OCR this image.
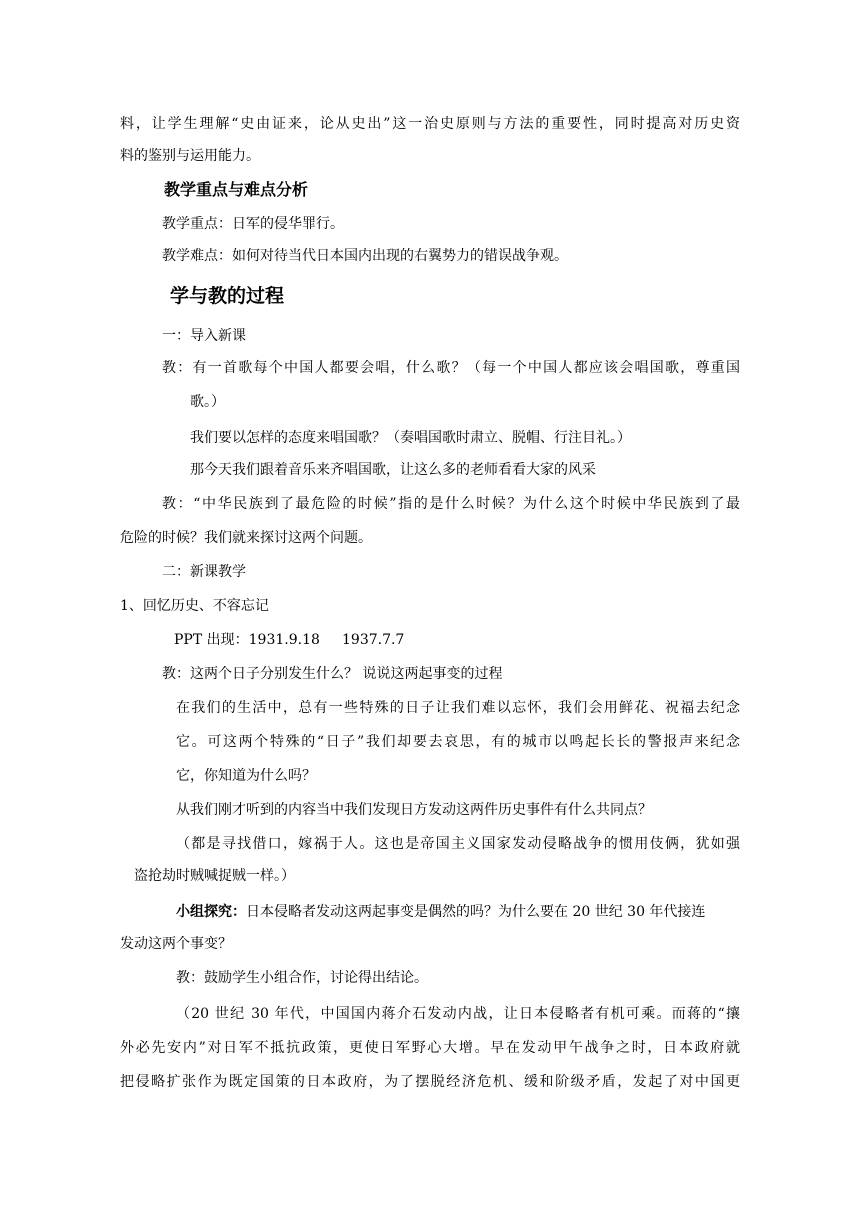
料，让学生理解“史由证来，论从史出”这一治史原则与方法的重要性，同时提高对历史资
料的鉴别与运用能力。
教学重点与难点分析
教学重点：日军的侵华罪行。
教学难点：如何对待当代日本国内出现的右翼势力的错误战争观。
学与教的过程
一：导入新课
教：有一首歌每个中国人都要会唱，什么歌？（每一个中国人都应该会唱国歌，尊重国
歌。）
我们要以怎样的态度来唱国歌？（奏唱国歌时肃立、脱帽、行注目礼。）
那今天我们跟着音乐来齐唱国歌，让这么多的老师看看大家的风采
教：“中华民族到了最危险的时候”指的是什么时候？为什么这个时候中华民族到了最
危险的时候？我们就来探讨这两个问题。
二：新课教学
1、回忆历史、不容忘记
PPT 出现：1931.9.18 1937.7.7
教：这两个日子分别发生什么？ 说说这两起事变的过程
在我们的生活中，总有一些特殊的日子让我们难以忘怀，我们会用鲜花、祝福去纪念
它。可这两个特殊的“日子”我们却要去哀思，有的城市以鸣起长长的警报声来纪念
它，你知道为什么吗？
从我们刚才听到的内容当中我们发现日方发动这两件历史事件有什么共同点？
（都是寻找借口，嫁祸于人。这也是帝国主义国家发动侵略战争的惯用伎俩，犹如强
盗抢劫时贼喊捉贼一样。）
小组探究：日本侵略者发动这两起事变是偶然的吗？为什么要在 20 世纪 30 年代接连
发动这两个事变？
教：鼓励学生小组合作，讨论得出结论。
（20 世纪 30 年代，中国国内蒋介石发动内战，让日本侵略者有机可乘。而蒋的“攘
外必先安内”对日军不抵抗政策，更使日军野心大增。早在发动甲午战争之时，日本政府就
把侵略扩张作为既定国策的日本政府，为了摆脱经济危机、缓和阶级矛盾，发起了对中国更
